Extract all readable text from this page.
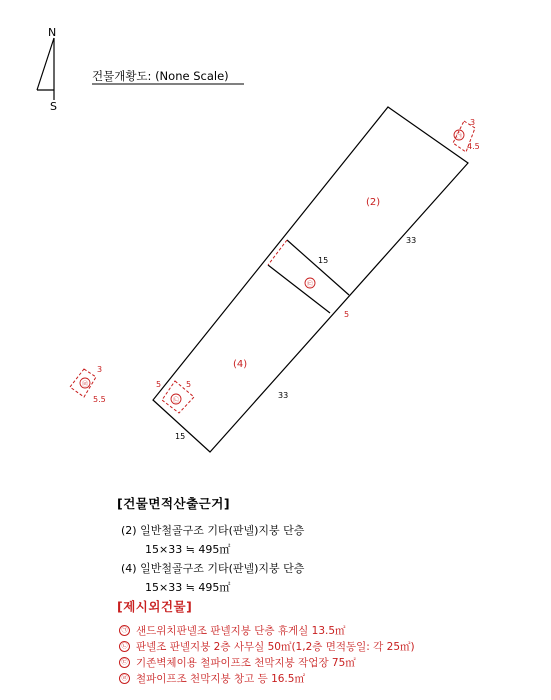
N
S
건물개황도: (None Scale)
㉠
3
4.5
㉡
5	5
㉢
5
㉣
3
5.5
(2)
(4)
15
33
15
33
[건물면적산출근거]
(2) 일반철골구조 기타(판넬)지붕 단층
15×33 ≒ 495㎡
(4) 일반철골구조 기타(판넬)지붕 단층
15×33 ≒ 495㎡
[제시외건물]
㉠ 샌드위치판넬조 판넬지붕 단층 휴게실 13.5㎡
㉡ 판넬조 판넬지붕 2층 사무실 50㎡(1,2층 면적동일: 각 25㎡)
㉢ 기존벽체이용 철파이프조 천막지붕 작업장 75㎡
㉣ 철파이프조 천막지붕 창고 등 16.5㎡
